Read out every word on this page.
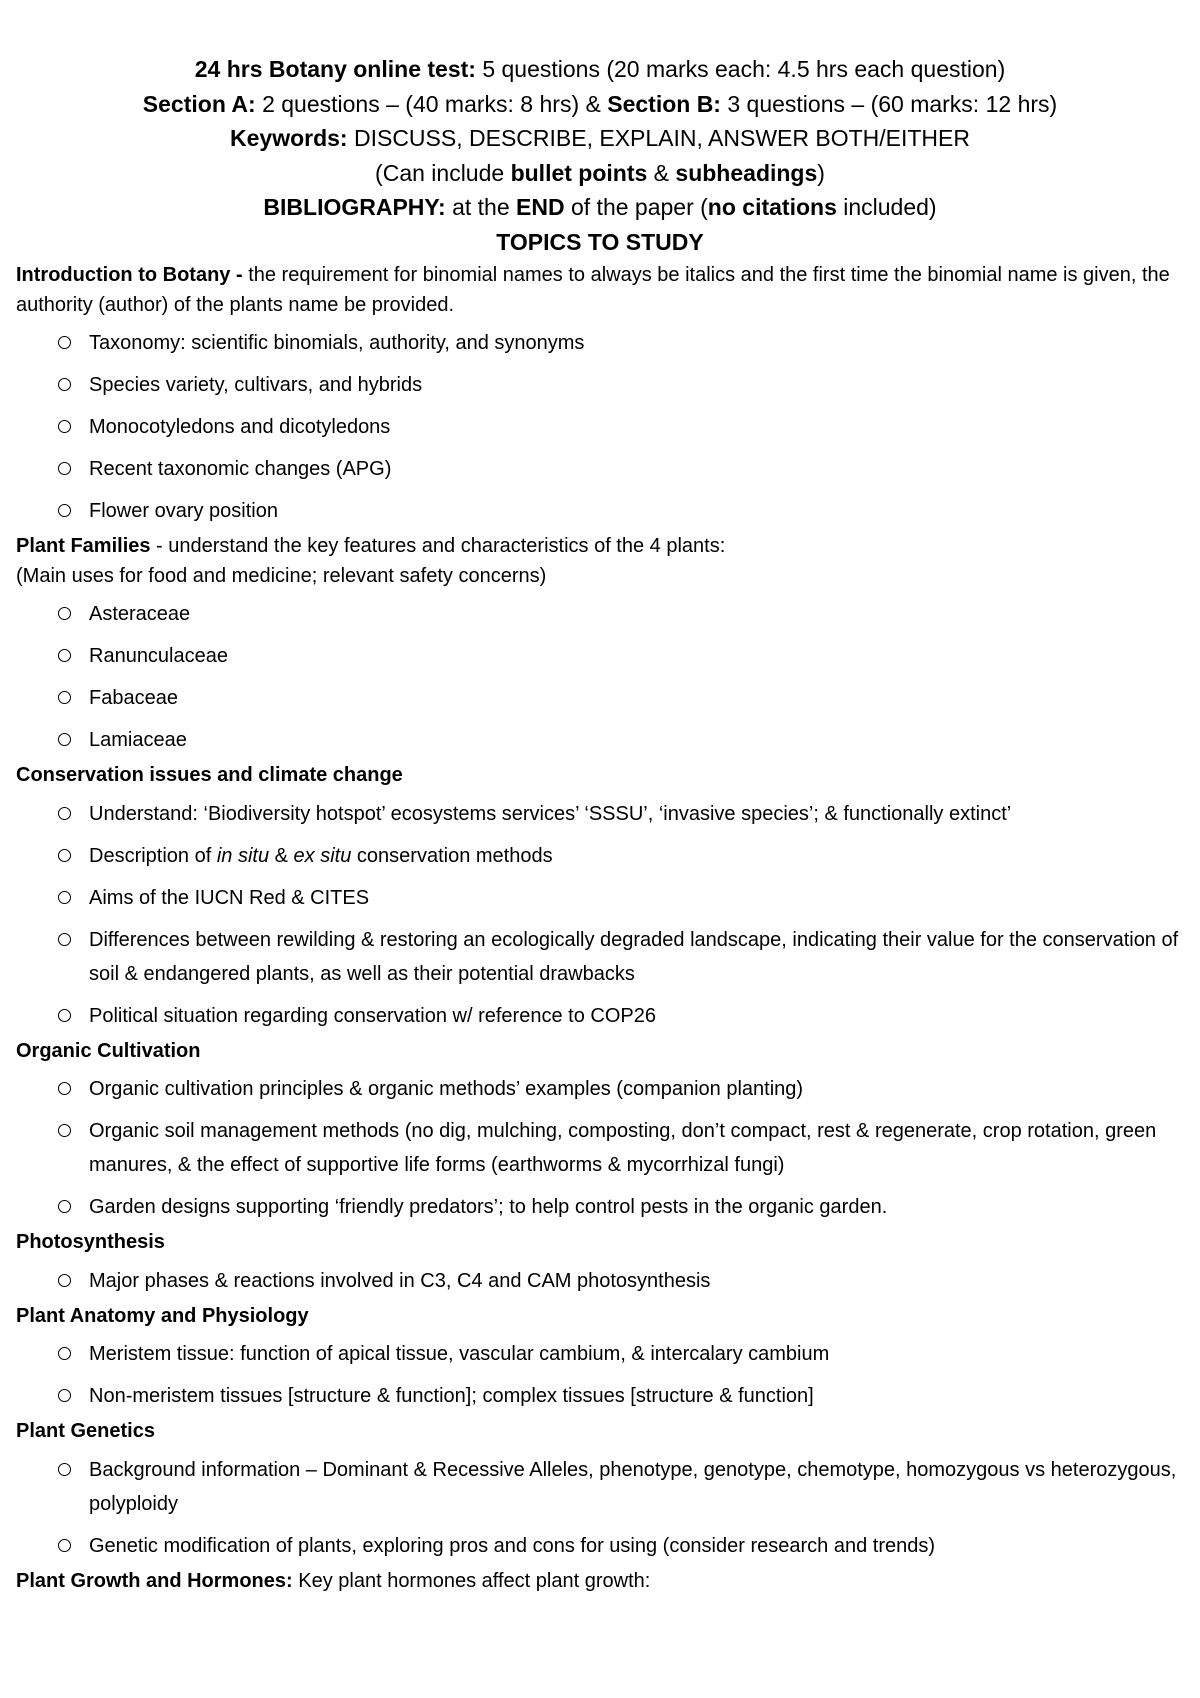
24 hrs Botany online test: 5 questions (20 marks each: 4.5 hrs each question)
Section A: 2 questions – (40 marks: 8 hrs) & Section B: 3 questions – (60 marks: 12 hrs)
Keywords: DISCUSS, DESCRIBE, EXPLAIN, ANSWER BOTH/EITHER
(Can include bullet points & subheadings)
BIBLIOGRAPHY: at the END of the paper (no citations included)
TOPICS TO STUDY
Introduction to Botany - the requirement for binomial names to always be italics and the first time the binomial name is given, the authority (author) of the plants name be provided.
Taxonomy: scientific binomials, authority, and synonyms
Species variety, cultivars, and hybrids
Monocotyledons and dicotyledons
Recent taxonomic changes (APG)
Flower ovary position
Plant Families - understand the key features and characteristics of the 4 plants:
(Main uses for food and medicine; relevant safety concerns)
Asteraceae
Ranunculaceae
Fabaceae
Lamiaceae
Conservation issues and climate change
Understand: ‘Biodiversity hotspot’ ecosystems services’ ‘SSSU’, ‘invasive species’; & functionally extinct’
Description of in situ & ex situ conservation methods
Aims of the IUCN Red & CITES
Differences between rewilding & restoring an ecologically degraded landscape, indicating their value for the conservation of soil & endangered plants, as well as their potential drawbacks
Political situation regarding conservation w/ reference to COP26
Organic Cultivation
Organic cultivation principles & organic methods’ examples (companion planting)
Organic soil management methods (no dig, mulching, composting, don’t compact, rest & regenerate, crop rotation, green manures, & the effect of supportive life forms (earthworms & mycorrhizal fungi)
Garden designs supporting ‘friendly predators’; to help control pests in the organic garden.
Photosynthesis
Major phases & reactions involved in C3, C4 and CAM photosynthesis
Plant Anatomy and Physiology
Meristem tissue: function of apical tissue, vascular cambium, & intercalary cambium
Non-meristem tissues [structure & function]; complex tissues [structure & function]
Plant Genetics
Background information – Dominant & Recessive Alleles, phenotype, genotype, chemotype, homozygous vs heterozygous, polyploidy
Genetic modification of plants, exploring pros and cons for using (consider research and trends)
Plant Growth and Hormones: Key plant hormones affect plant growth:
